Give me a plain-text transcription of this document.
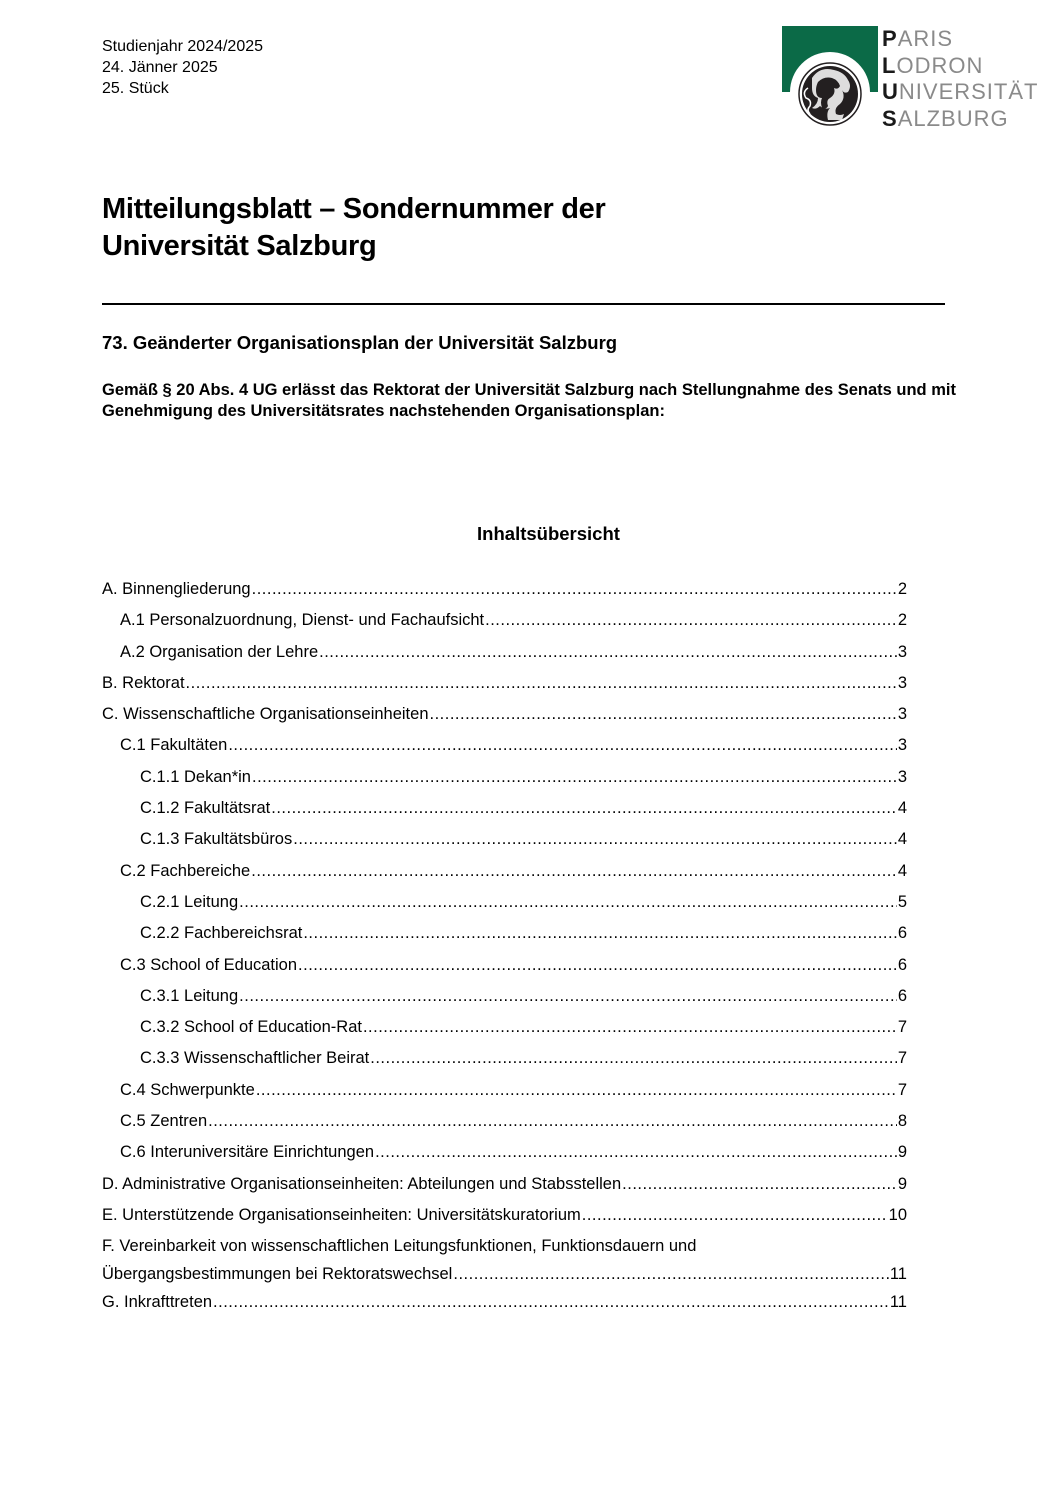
Studienjahr 2024/2025
24. Jänner 2025
25. Stück
PARIS
LODRON
UNIVERSITÄT
SALZBURG
Mitteilungsblatt – Sondernummer der
Universität Salzburg
73. Geänderter Organisationsplan der Universität Salzburg
Gemäß § 20 Abs. 4 UG erlässt das Rektorat der Universität Salzburg nach Stellungnahme des Senats und mit Genehmigung des Universitätsrates nachstehenden Organisationsplan:
Inhaltsübersicht
A. Binnengliederung .....	2
A.1 Personalzuordnung, Dienst- und Fachaufsicht .....	2
A.2 Organisation der Lehre .....	3
B. Rektorat .....	3
C. Wissenschaftliche Organisationseinheiten .....	3
C.1 Fakultäten .....	3
C.1.1 Dekan*in .....	3
C.1.2 Fakultätsrat .....	4
C.1.3 Fakultätsbüros .....	4
C.2 Fachbereiche .....	4
C.2.1 Leitung .....	5
C.2.2 Fachbereichsrat .....	6
C.3 School of Education .....	6
C.3.1 Leitung .....	6
C.3.2 School of Education-Rat .....	7
C.3.3 Wissenschaftlicher Beirat .....	7
C.4 Schwerpunkte .....	7
C.5 Zentren .....	8
C.6 Interuniversitäre Einrichtungen .....	9
D. Administrative Organisationseinheiten: Abteilungen und Stabsstellen .....	9
E. Unterstützende Organisationseinheiten: Universitätskuratorium .....	10
F. Vereinbarkeit von wissenschaftlichen Leitungsfunktionen, Funktionsdauern und
Übergangsbestimmungen bei Rektoratswechsel .....	11
G. Inkrafttreten .....	11
